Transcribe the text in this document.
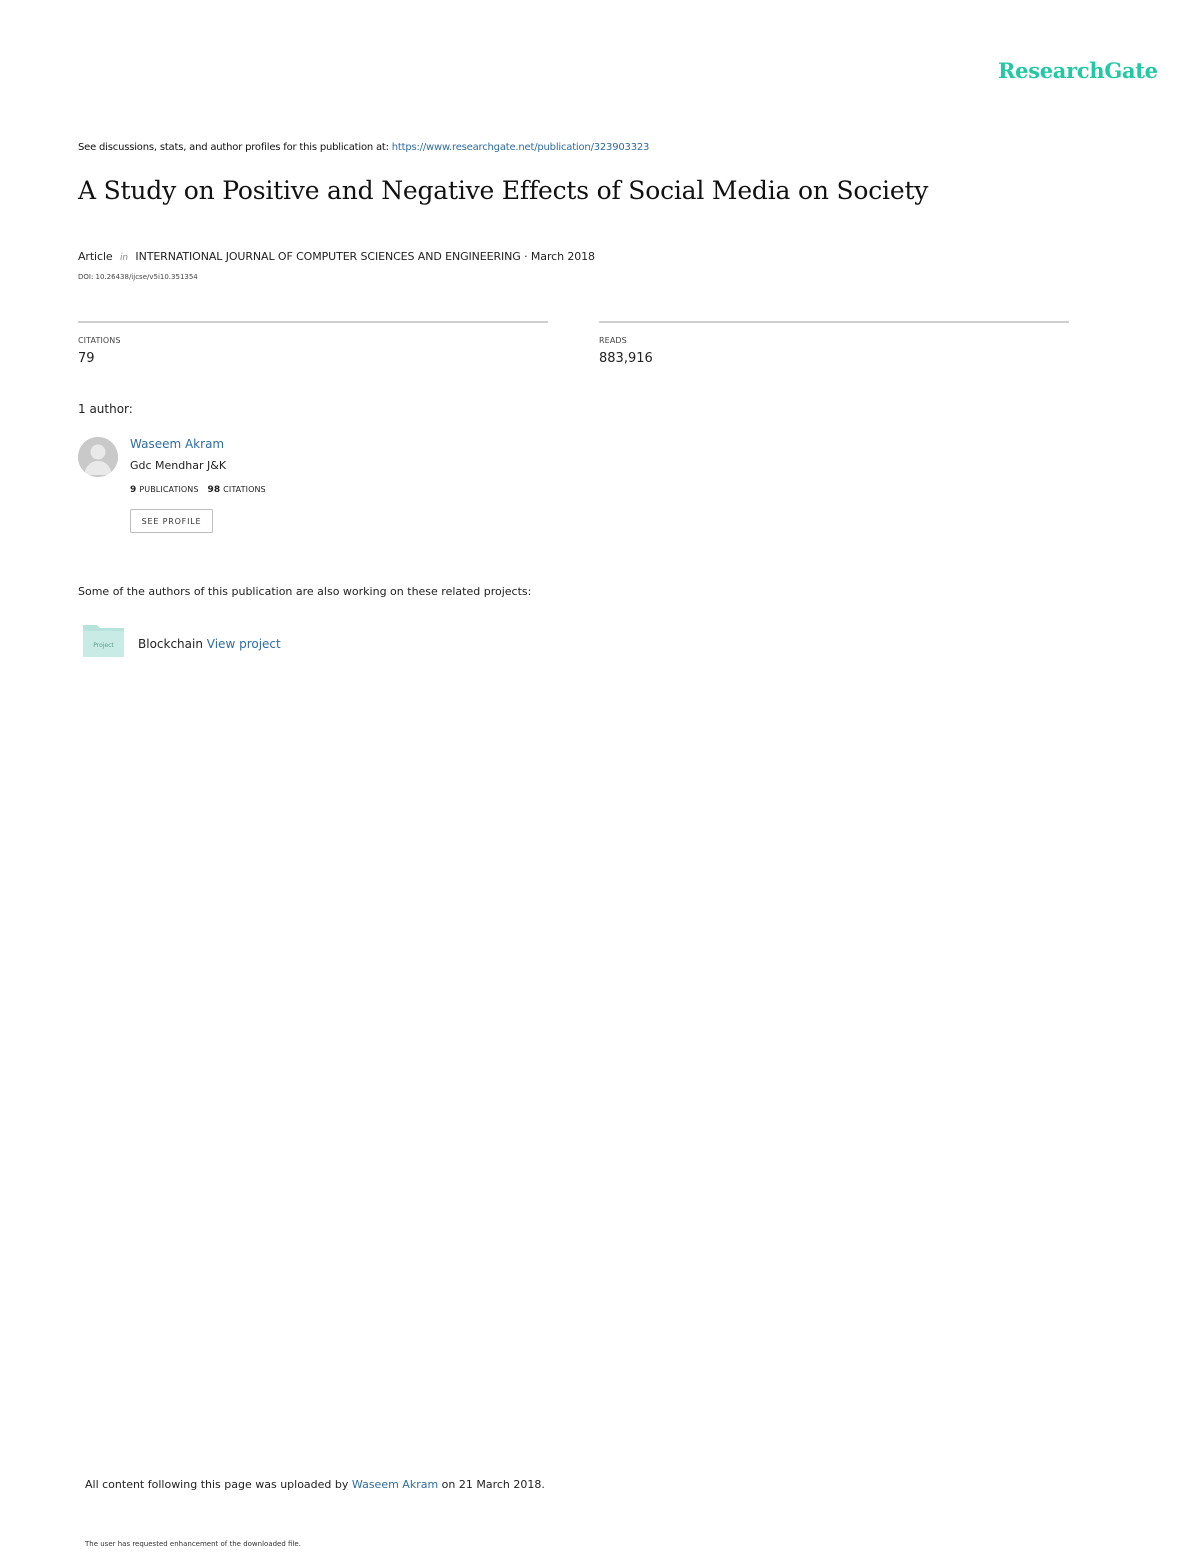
ResearchGate
See discussions, stats, and author profiles for this publication at: https://www.researchgate.net/publication/323903323
A Study on Positive and Negative Effects of Social Media on Society
Article in INTERNATIONAL JOURNAL OF COMPUTER SCIENCES AND ENGINEERING · March 2018
DOI: 10.26438/ijcse/v5i10.351354
CITATIONS
79
READS
883,916
1 author:
Waseem Akram
Gdc Mendhar J&K
9 PUBLICATIONS 98 CITATIONS
SEE PROFILE
Some of the authors of this publication are also working on these related projects:
Project Blockchain View project
All content following this page was uploaded by Waseem Akram on 21 March 2018.
The user has requested enhancement of the downloaded file.
